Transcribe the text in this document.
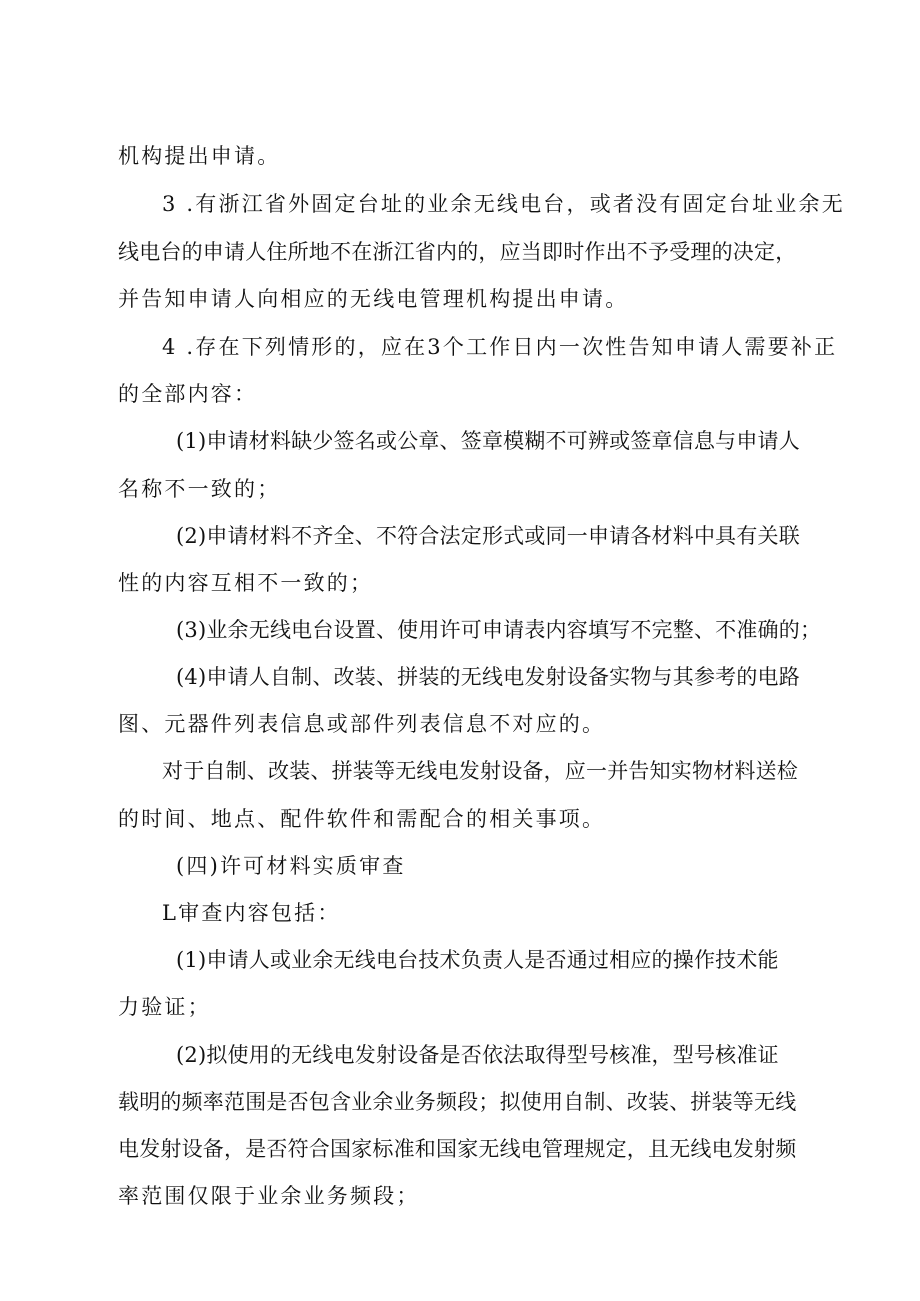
机构提出申请。
3 .有浙江省外固定台址的业余无线电台，或者没有固定台址业余无
线电台的申请人住所地不在浙江省内的，应当即时作出不予受理的决定，
并告知申请人向相应的无线电管理机构提出申请。
4 .存在下列情形的，应在3个工作日内一次性告知申请人需要补正
的全部内容：
(1)申请材料缺少签名或公章、签章模糊不可辨或签章信息与申请人
名称不一致的；
(2)申请材料不齐全、不符合法定形式或同一申请各材料中具有关联
性的内容互相不一致的；
(3)业余无线电台设置、使用许可申请表内容填写不完整、不准确的；
(4)申请人自制、改装、拼装的无线电发射设备实物与其参考的电路
图、元器件列表信息或部件列表信息不对应的。
对于自制、改装、拼装等无线电发射设备，应一并告知实物材料送检
的时间、地点、配件软件和需配合的相关事项。
(四)许可材料实质审查
L审查内容包括：
(1)申请人或业余无线电台技术负责人是否通过相应的操作技术能
力验证；
(2)拟使用的无线电发射设备是否依法取得型号核准，型号核准证
载明的频率范围是否包含业余业务频段；拟使用自制、改装、拼装等无线
电发射设备，是否符合国家标准和国家无线电管理规定，且无线电发射频
率范围仅限于业余业务频段；
